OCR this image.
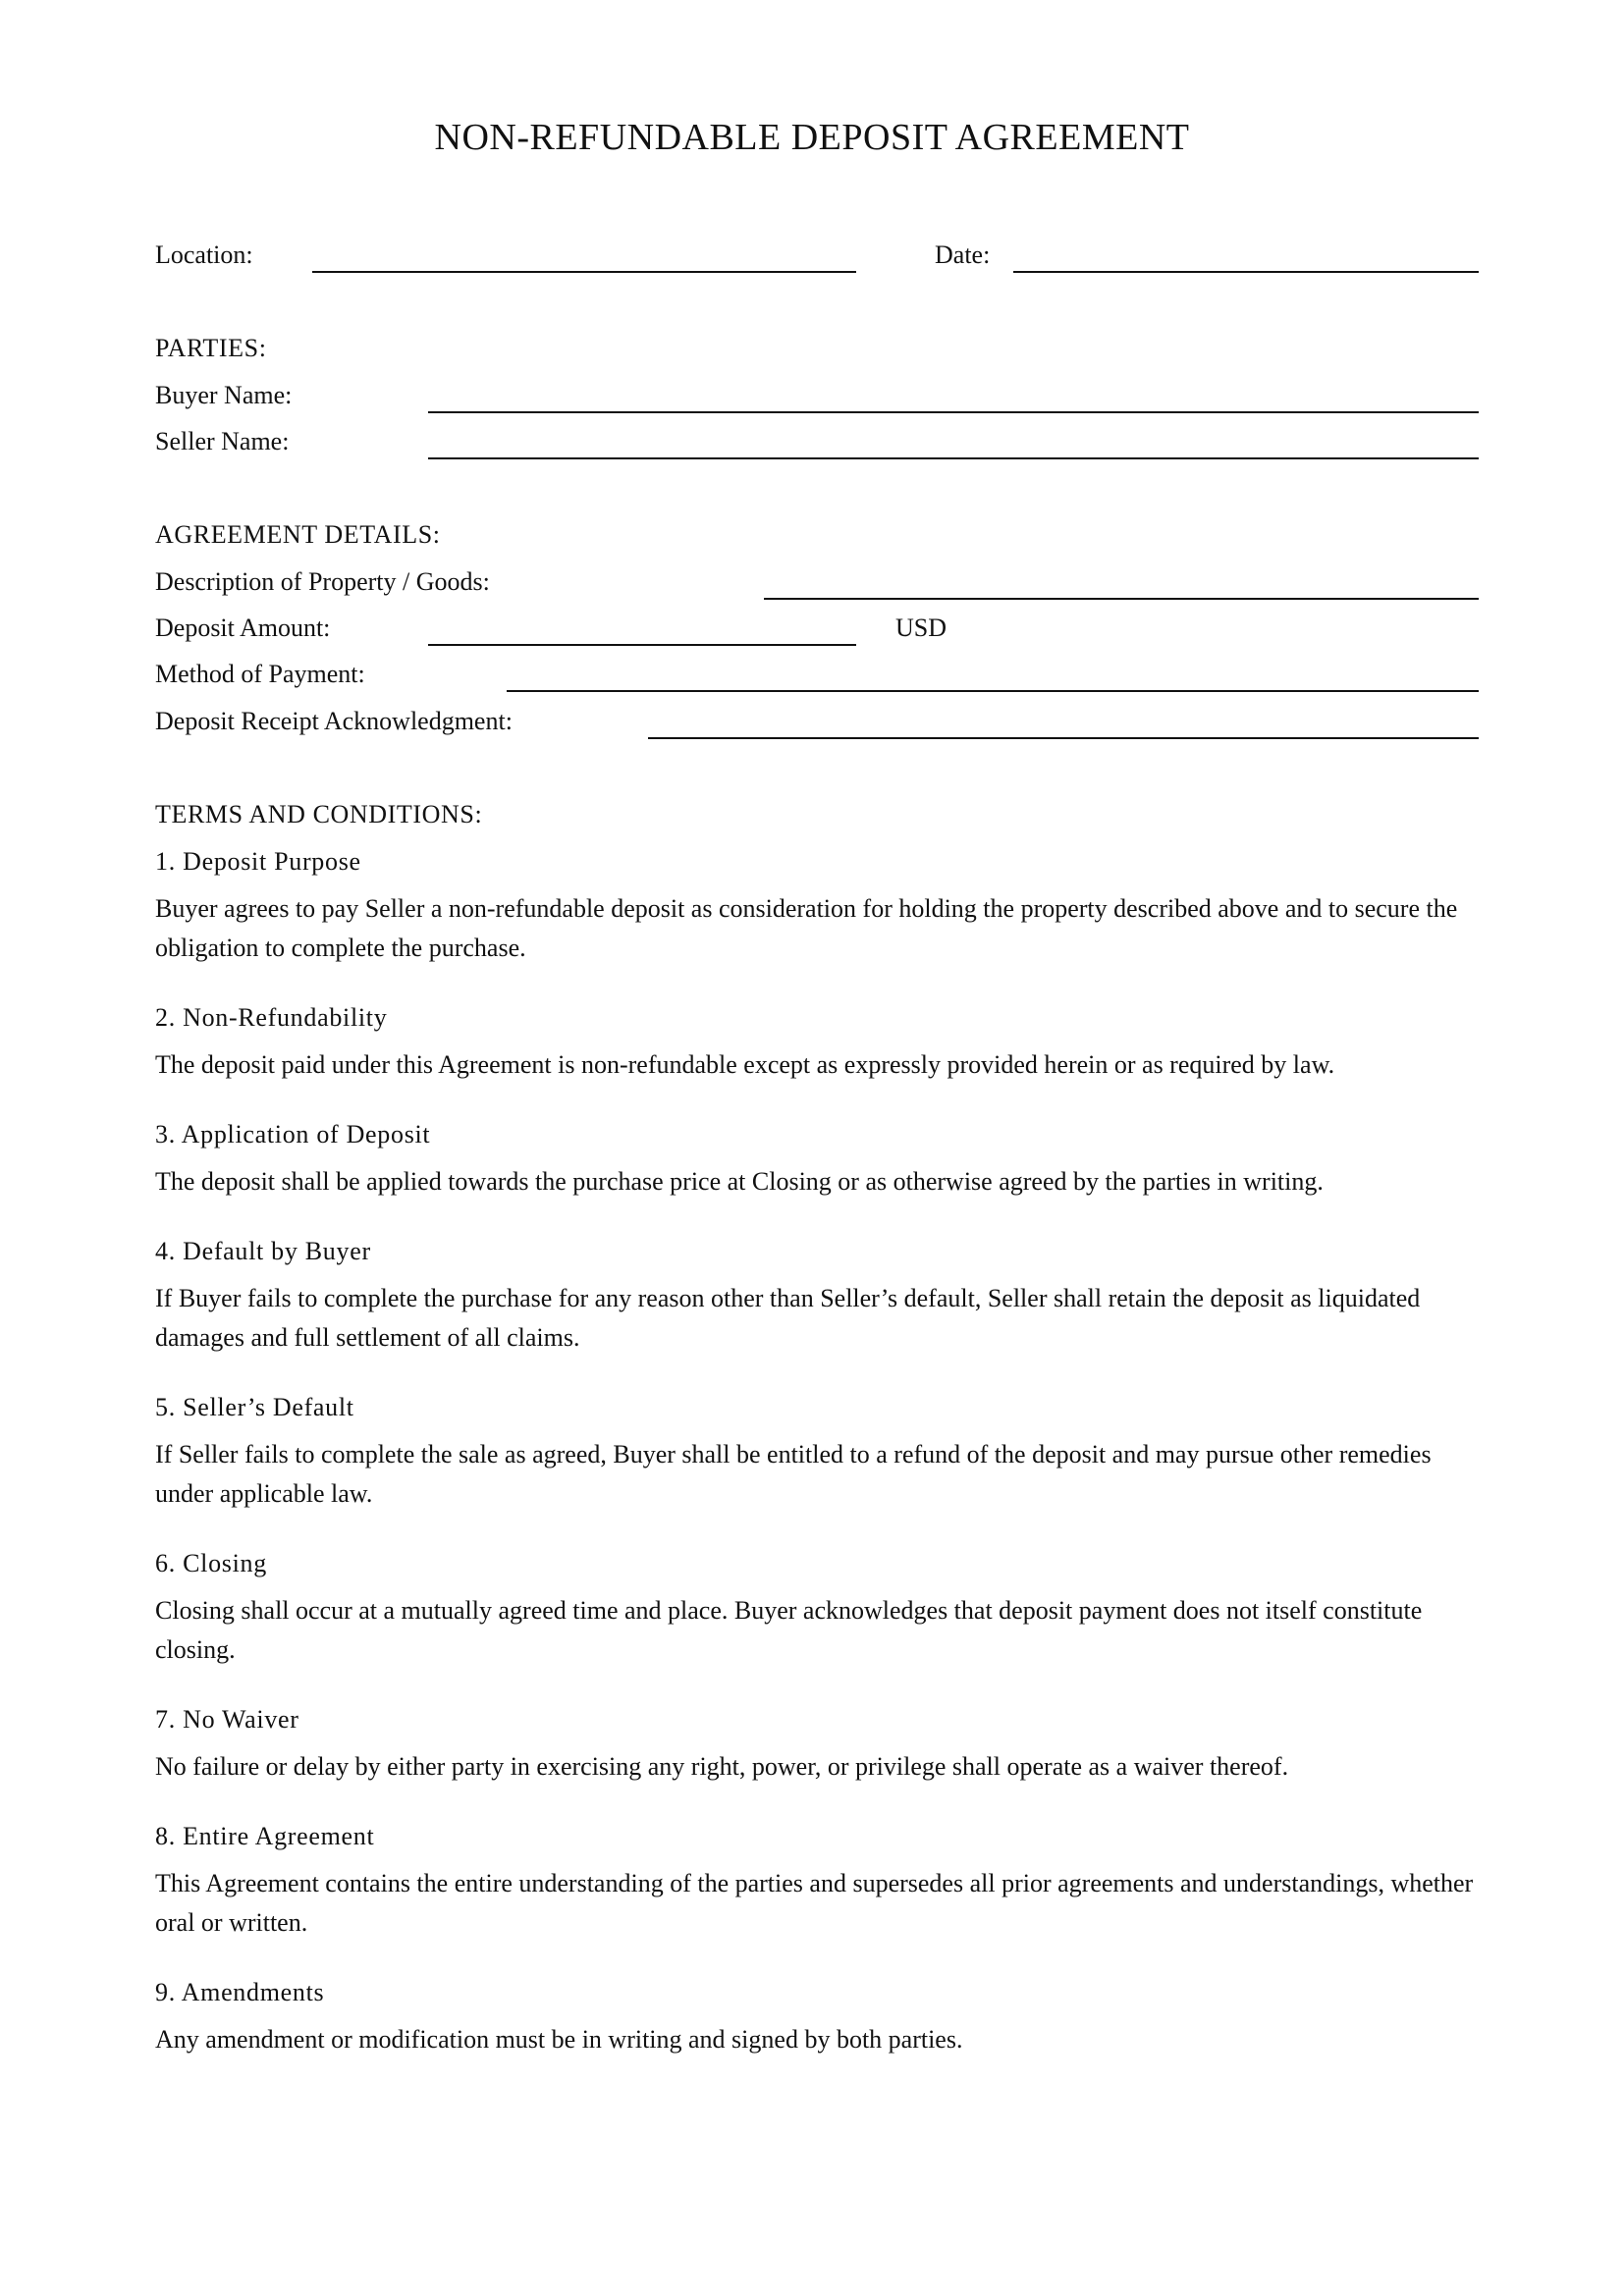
NON-REFUNDABLE DEPOSIT AGREEMENT
Location:	Date:
PARTIES:
Buyer Name:
Seller Name:
AGREEMENT DETAILS:
Description of Property / Goods:
Deposit Amount:	USD
Method of Payment:
Deposit Receipt Acknowledgment:
TERMS AND CONDITIONS:
1. Deposit Purpose
Buyer agrees to pay Seller a non-refundable deposit as consideration for holding the property described above and to secure the obligation to complete the purchase.
2. Non-Refundability
The deposit paid under this Agreement is non-refundable except as expressly provided herein or as required by law.
3. Application of Deposit
The deposit shall be applied towards the purchase price at Closing or as otherwise agreed by the parties in writing.
4. Default by Buyer
If Buyer fails to complete the purchase for any reason other than Seller’s default, Seller shall retain the deposit as liquidated damages and full settlement of all claims.
5. Seller’s Default
If Seller fails to complete the sale as agreed, Buyer shall be entitled to a refund of the deposit and may pursue other remedies under applicable law.
6. Closing
Closing shall occur at a mutually agreed time and place. Buyer acknowledges that deposit payment does not itself constitute closing.
7. No Waiver
No failure or delay by either party in exercising any right, power, or privilege shall operate as a waiver thereof.
8. Entire Agreement
This Agreement contains the entire understanding of the parties and supersedes all prior agreements and understandings, whether oral or written.
9. Amendments
Any amendment or modification must be in writing and signed by both parties.
